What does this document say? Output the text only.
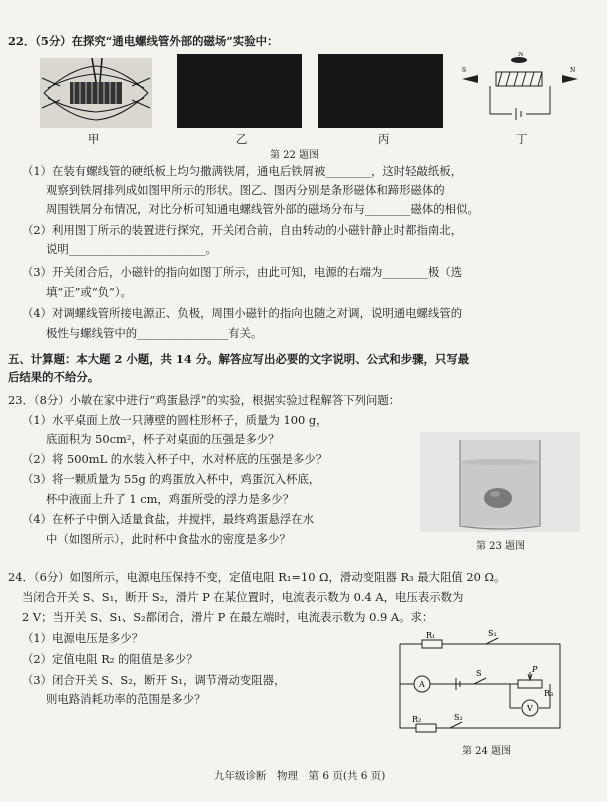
22．（5分）在探究“通电螺线管外部的磁场”实验中：
甲	乙	丙
N
S	N
丁
第 22 题图
（1）在装有螺线管的硬纸板上均匀撒满铁屑，通电后铁屑被________，这时轻敲纸板，
观察到铁屑排列成如图甲所示的形状。图乙、图丙分别是条形磁体和蹄形磁体的
周围铁屑分布情况，对比分析可知通电螺线管外部的磁场分布与________磁体的相似。
（2）利用图丁所示的装置进行探究，开关闭合前，自由转动的小磁针静止时都指南北，
说明________________________。
（3）开关闭合后，小磁针的指向如图丁所示，由此可知，电源的右端为________极（选
填“正”或“负”）。
（4）对调螺线管所接电源正、负极，周围小磁针的指向也随之对调，说明通电螺线管的
极性与螺线管中的________________有关。
五、计算题：本大题 2 小题，共 14 分。解答应写出必要的文字说明、公式和步骤，只写最
后结果的不给分。
23．（8分）小敏在家中进行“鸡蛋悬浮”的实验，根据实验过程解答下列问题：
（1）水平桌面上放一只薄壁的圆柱形杯子，质量为 100 g，
底面积为 50cm²，杯子对桌面的压强是多少？
（2）将 500mL 的水装入杯子中，水对杯底的压强是多少？
（3）将一颗质量为 55g 的鸡蛋放入杯中，鸡蛋沉入杯底，
杯中液面上升了 1 cm，鸡蛋所受的浮力是多少？
（4）在杯子中倒入适量食盐，并搅拌，最终鸡蛋悬浮在水
中（如图所示），此时杯中食盐水的密度是多少？
第 23 题图
24．（6分）如图所示，电源电压保持不变，定值电阻 R₁=10 Ω，滑动变阻器 R₃ 最大阻值 20 Ω。
当闭合开关 S、S₁，断开 S₂，滑片 P 在某位置时，电流表示数为 0.4 A，电压表示数为
2 V；当开关 S、S₁、S₂都闭合，滑片 P 在最左端时，电流表示数为 0.9 A。求：
（1）电源电压是多少？
（2）定值电阻 R₂ 的阻值是多少？
（3）闭合开关 S、S₂，断开 S₁，调节滑动变阻器，
则电路消耗功率的范围是多少？
R₁	S₁
A
S	P
R₃
V
R₂	S₂
第 24 题图
九年级诊断　物理　第 6 页(共 6 页)
